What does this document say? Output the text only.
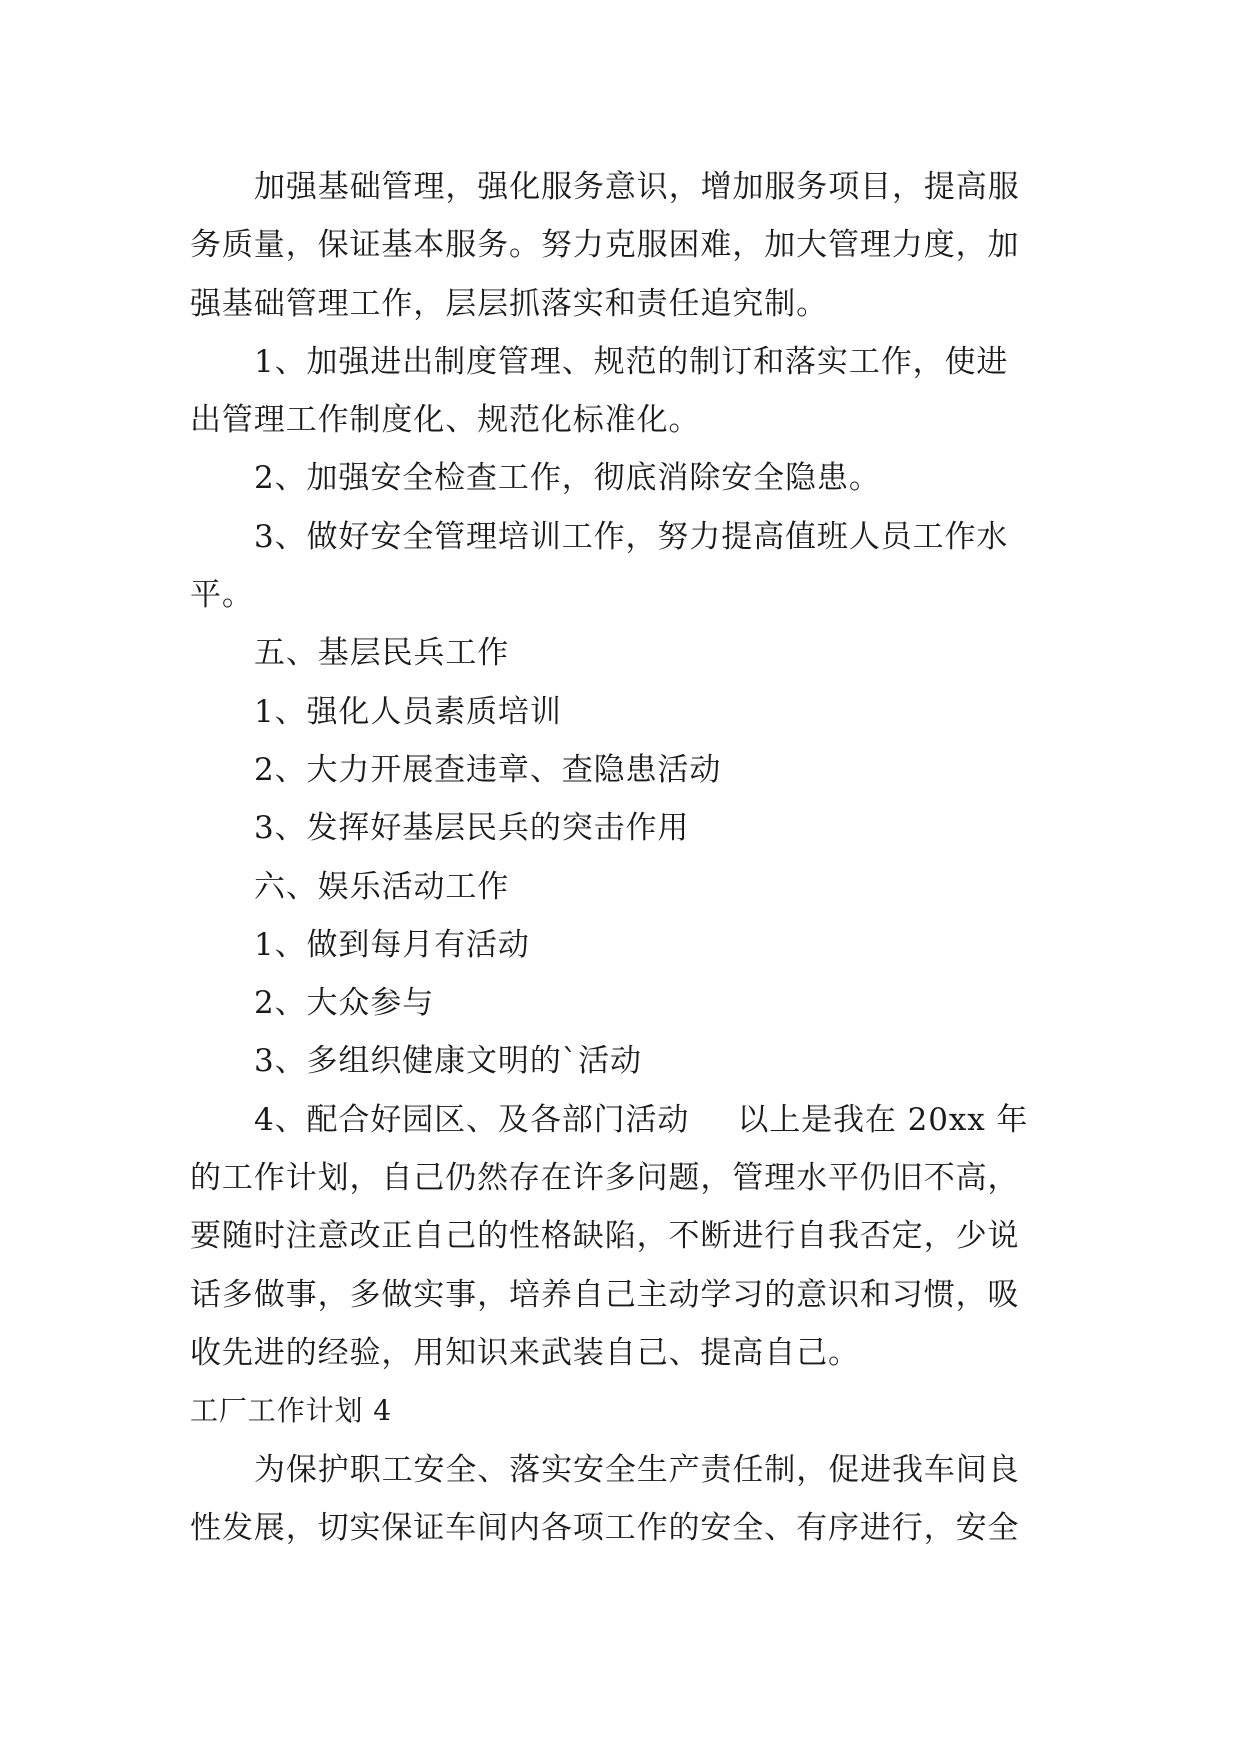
加强基础管理，强化服务意识，增加服务项目，提高服
务质量，保证基本服务。努力克服困难，加大管理力度，加
强基础管理工作，层层抓落实和责任追究制。
1、加强进出制度管理、规范的制订和落实工作，使进
出管理工作制度化、规范化标准化。
2、加强安全检查工作，彻底消除安全隐患。
3、做好安全管理培训工作，努力提高值班人员工作水
平。
五、基层民兵工作
1、强化人员素质培训
2、大力开展查违章、查隐患活动
3、发挥好基层民兵的突击作用
六、娱乐活动工作
1、做到每月有活动
2、大众参与
3、多组织健康文明的`活动
4、配合好园区、及各部门活动 以上是我在 20xx 年
的工作计划，自己仍然存在许多问题，管理水平仍旧不高，
要随时注意改正自己的性格缺陷，不断进行自我否定，少说
话多做事，多做实事，培养自己主动学习的意识和习惯，吸
收先进的经验，用知识来武装自己、提高自己。
工厂工作计划 4
为保护职工安全、落实安全生产责任制，促进我车间良
性发展，切实保证车间内各项工作的安全、有序进行，安全
